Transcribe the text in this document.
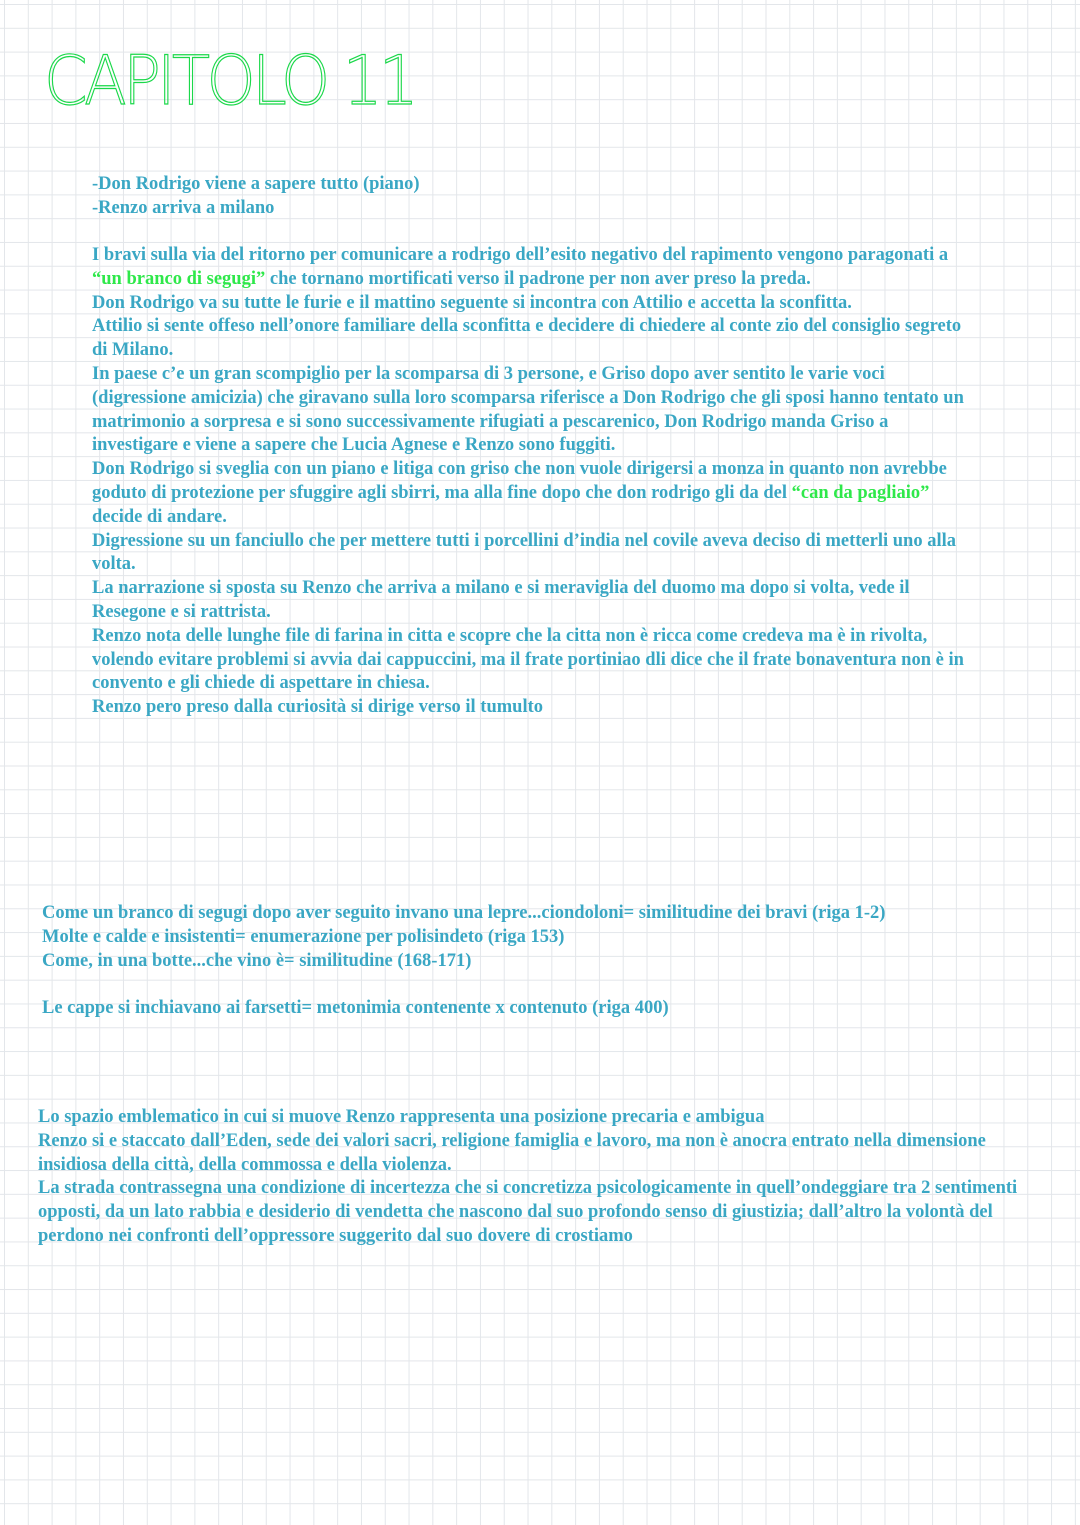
CAPITOLO 11

-Don Rodrigo viene a sapere tutto (piano)

-Renzo arriva a milano

I bravi sulla via del ritorno per comunicare a rodrigo dell’esito negativo del rapimento vengono paragonati a “un branco di segugi” che tornano mortificati verso il padrone per non aver preso la preda.

Don Rodrigo va su tutte le furie e il mattino seguente si incontra con Attilio e accetta la sconfitta.

Attilio si sente offeso nell’onore familiare della sconfitta e decidere di chiedere al conte zio del consiglio segreto di Milano.

In paese c’e un gran scompiglio per la scomparsa di 3 persone, e Griso dopo aver sentito le varie voci (digressione amicizia) che giravano sulla loro scomparsa riferisce a Don Rodrigo che gli sposi hanno tentato un matrimonio a sorpresa e si sono successivamente rifugiati a pescarenico, Don Rodrigo manda Griso a investigare e viene a sapere che Lucia Agnese e Renzo sono fuggiti.

Don Rodrigo si sveglia con un piano e litiga con griso che non vuole dirigersi a monza in quanto non avrebbe goduto di protezione per sfuggire agli sbirri, ma alla fine dopo che don rodrigo gli da del “can da pagliaio” decide di andare.

Digressione su un fanciullo che per mettere tutti i porcellini d’india nel covile aveva deciso di metterli uno alla volta.

La narrazione si sposta su Renzo che arriva a milano e si meraviglia del duomo ma dopo si volta, vede il Resegone e si rattrista.

Renzo nota delle lunghe file di farina in citta e scopre che la citta non è ricca come credeva ma è in rivolta, volendo evitare problemi si avvia dai cappuccini, ma il frate portiniao dli dice che il frate bonaventura non è in convento e gli chiede di aspettare in chiesa.

Renzo pero preso dalla curiosità si dirige verso il tumulto

Come un branco di segugi dopo aver seguito invano una lepre...ciondoloni= similitudine dei bravi (riga 1-2)

Molte e calde e insistenti= enumerazione per polisindeto (riga 153)

Come, in una botte...che vino è= similitudine (168-171)

Le cappe si inchiavano ai farsetti= metonimia contenente x contenuto (riga 400)

Lo spazio emblematico in cui si muove Renzo rappresenta una posizione precaria e ambigua

Renzo si e staccato dall’Eden, sede dei valori sacri, religione famiglia e lavoro, ma non è anocra entrato nella dimensione insidiosa della città, della commossa e della violenza.

La strada contrassegna una condizione di incertezza che si concretizza psicologicamente in quell’ondeggiare tra 2 sentimenti opposti, da un lato rabbia e desiderio di vendetta che nascono dal suo profondo senso di giustizia; dall’altro la volontà del perdono nei confronti dell’oppressore suggerito dal suo dovere di crostiamo
